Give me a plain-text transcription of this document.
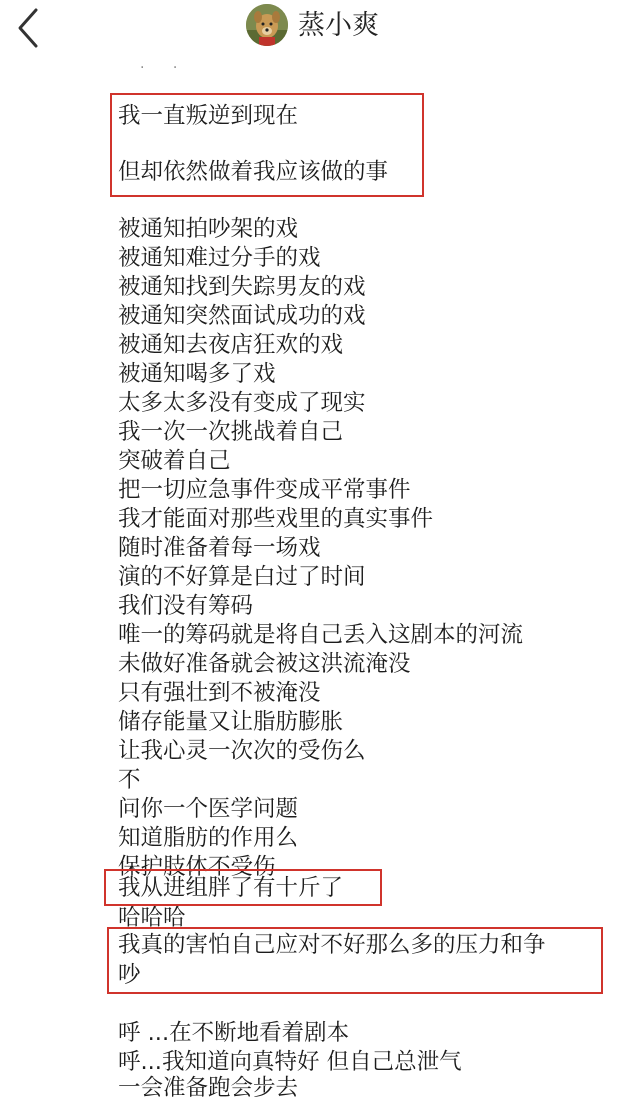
蒸小爽
· ·
我一直叛逆到现在
但却依然做着我应该做的事
被通知拍吵架的戏
被通知难过分手的戏
被通知找到失踪男友的戏
被通知突然面试成功的戏
被通知去夜店狂欢的戏
被通知喝多了戏
太多太多没有变成了现实
我一次一次挑战着自己
突破着自己
把一切应急事件变成平常事件
我才能面对那些戏里的真实事件
随时准备着每一场戏
演的不好算是白过了时间
我们没有筹码
唯一的筹码就是将自己丢入这剧本的河流
未做好准备就会被这洪流淹没
只有强壮到不被淹没
储存能量又让脂肪膨胀
让我心灵一次次的受伤么
不
问你一个医学问题
知道脂肪的作用么
保护肢体不受伤
我从进组胖了有十斤了
哈哈哈
我真的害怕自己应对不好那么多的压力和争
吵
呼 ...在不断地看着剧本
呼...我知道向真特好 但自己总泄气
一会准备跑会步去
